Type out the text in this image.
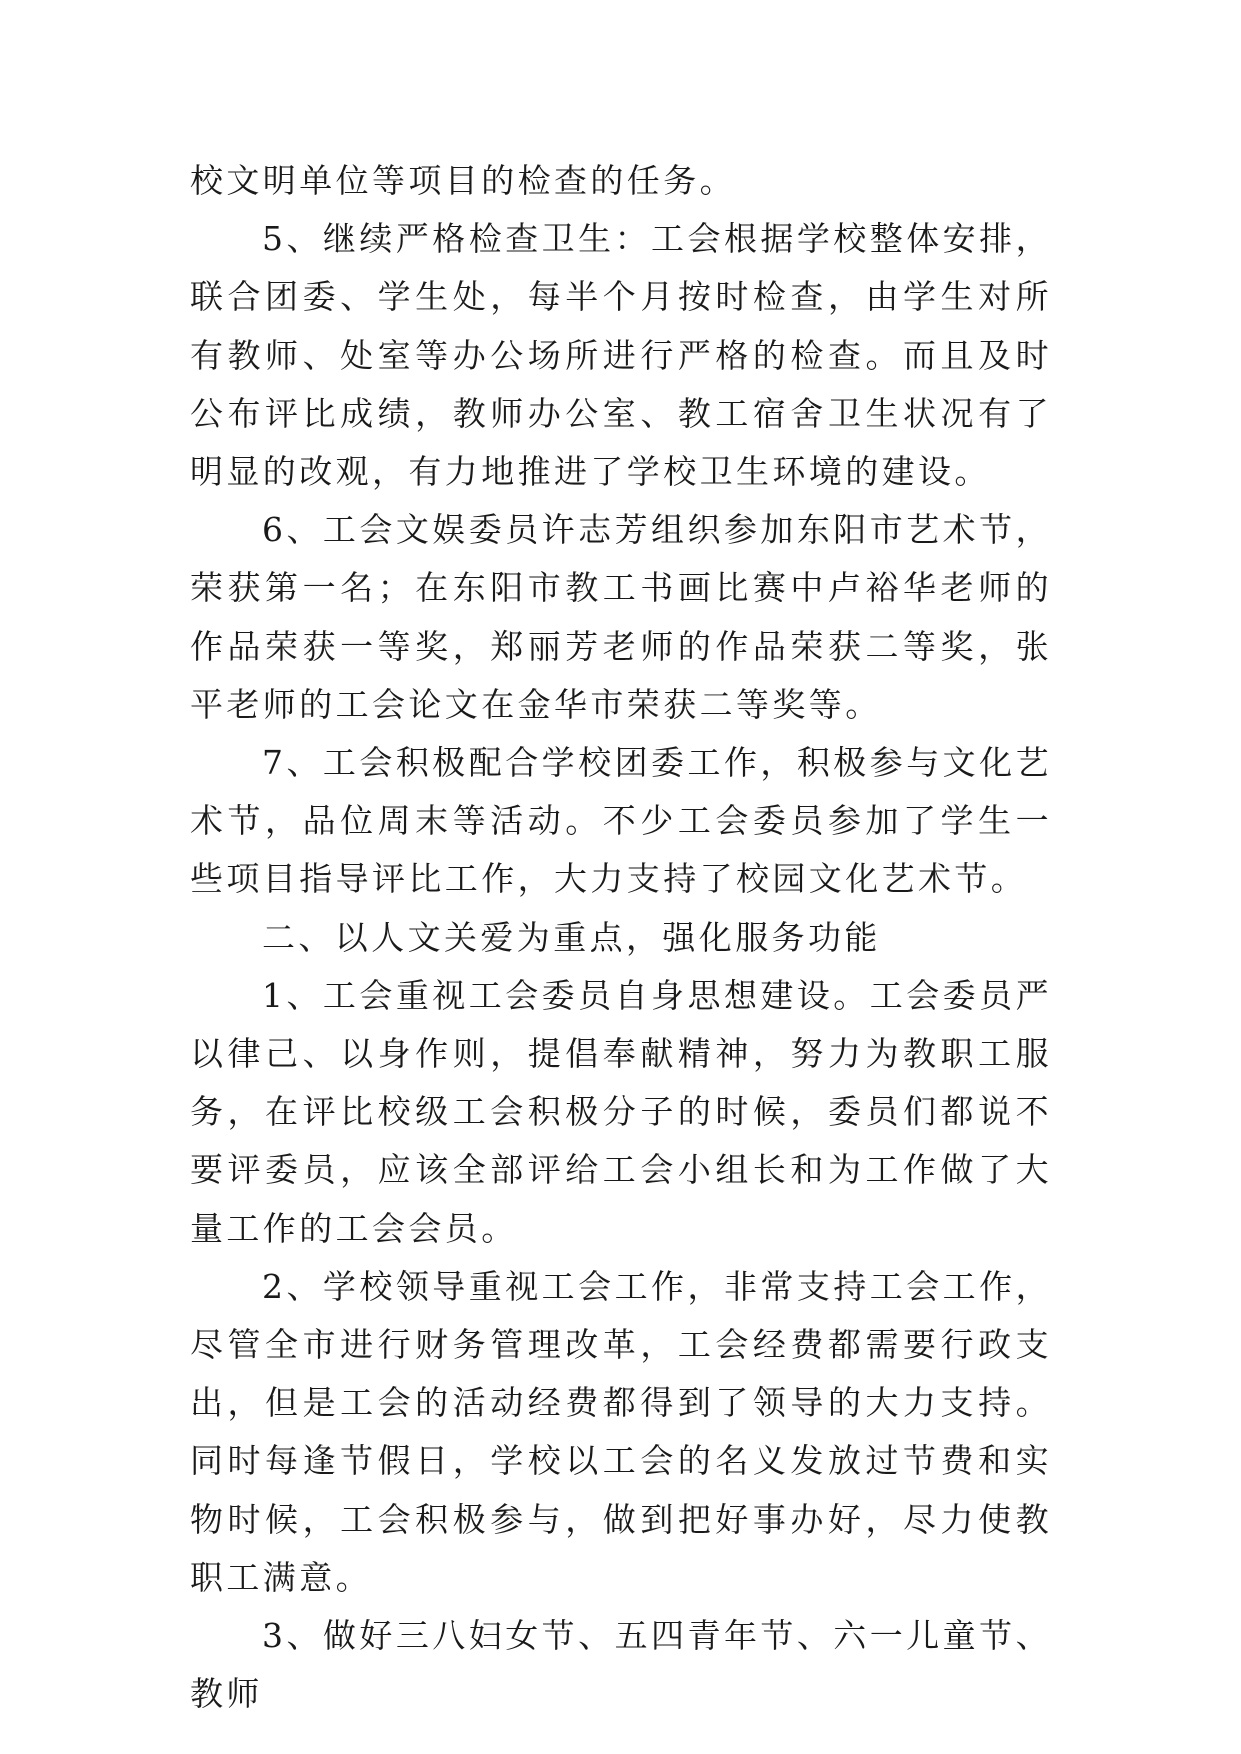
校文明单位等项目的检查的任务。

5、继续严格检查卫生：工会根据学校整体安排，联合团委、学生处，每半个月按时检查，由学生对所有教师、处室等办公场所进行严格的检查。而且及时公布评比成绩，教师办公室、教工宿舍卫生状况有了明显的改观，有力地推进了学校卫生环境的建设。

6、工会文娱委员许志芳组织参加东阳市艺术节，荣获第一名；在东阳市教工书画比赛中卢裕华老师的作品荣获一等奖，郑丽芳老师的作品荣获二等奖，张平老师的工会论文在金华市荣获二等奖等。

7、工会积极配合学校团委工作，积极参与文化艺术节，品位周末等活动。不少工会委员参加了学生一些项目指导评比工作，大力支持了校园文化艺术节。

二、以人文关爱为重点，强化服务功能

1、工会重视工会委员自身思想建设。工会委员严以律己、以身作则，提倡奉献精神，努力为教职工服务，在评比校级工会积极分子的时候，委员们都说不要评委员，应该全部评给工会小组长和为工作做了大量工作的工会会员。

2、学校领导重视工会工作，非常支持工会工作，尽管全市进行财务管理改革，工会经费都需要行政支出，但是工会的活动经费都得到了领导的大力支持。同时每逢节假日，学校以工会的名义发放过节费和实物时候，工会积极参与，做到把好事办好，尽力使教职工满意。

3、做好三八妇女节、五四青年节、六一儿童节、教师
